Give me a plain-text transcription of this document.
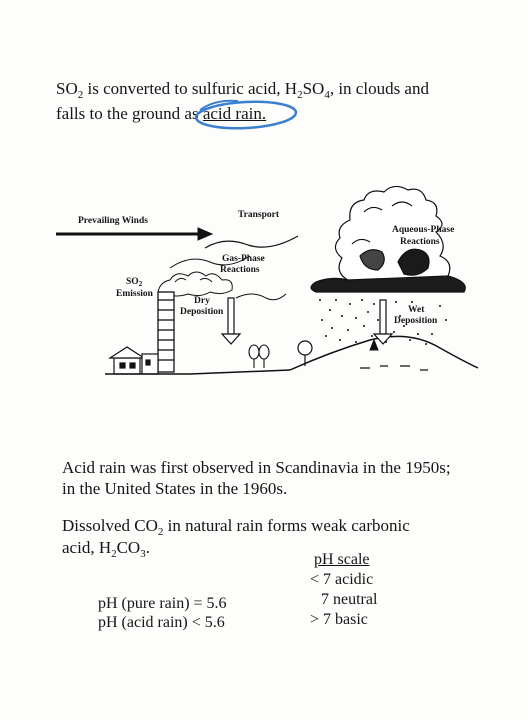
$SO_2$ is converted to sulfuric acid, $H_2SO_4$, in clouds and
falls to the ground as acid rain.
Prevailing Winds
Transport
Gas-Phase
Reactions
Aqueous-Phase
Reactions
$SO_2$
Emission
Dry
Deposition	Wet
Deposition
Acid rain was first observed in Scandinavia in the 1950s;
in the United States in the 1960s.
Dissolved $CO_2$ in natural rain forms weak carbonic
acid, $H_2CO_3$.
pH (pure rain) = 5.6
pH (acid rain) < 5.6
pH scale
< 7 acidic
7 neutral
> 7 basic
